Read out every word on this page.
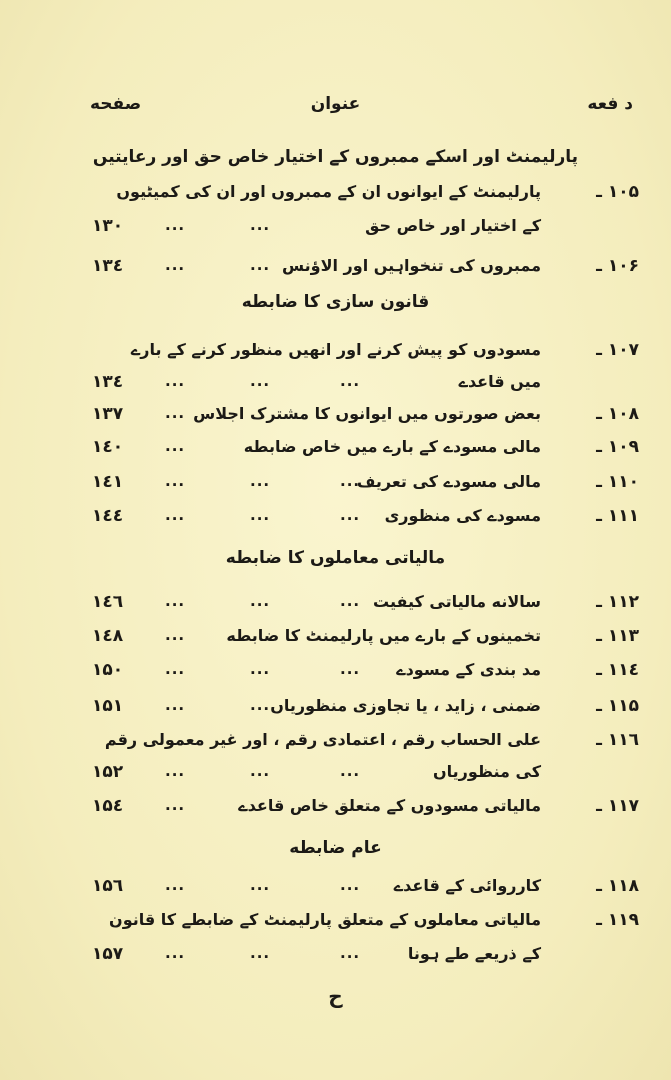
د فعه
عنوان
صفحه
پارلیمنٹ اور اسکے ممبروں کے اختیار خاص حق اور رعایتیں
۱۰۵ ـ
پارلیمنٹ کے ایوانوں ان کے ممبروں اور ان کی کمیٹیوں
کے اختیار اور خاص حق
...
...
۱۳۰
۱۰۶ ـ
ممبروں کی تنخواہیں اور الاؤنس
...
...
۱۳٤
قانون سازی کا ضابطه
۱۰۷ ـ
مسودوں کو پیش کرنے اور انهیں منظور کرنے کے بارے
میں قاعدے
...
...
...
۱۳٤
۱۰۸ ـ
بعض صورتوں میں ایوانوں کا مشترک اجلاس
...
۱۳۷
۱۰۹ ـ
مالی مسودے کے بارے میں خاص ضابطه
...
۱٤۰
۱۱۰ ـ
مالی مسودے کی تعریف
...
...
...
۱٤۱
۱۱۱ ـ
مسودے کی منظوری
...
...
...
۱٤٤
مالیاتی معاملوں کا ضابطه
۱۱۲ ـ
سالانه مالیاتی کیفیت
...
...
...
۱٤٦
۱۱۳ ـ
تخمینوں کے بارے میں پارلیمنٹ کا ضابطه
...
۱٤۸
۱۱٤ ـ
مد بندی کے مسودے
...
...
...
۱۵۰
۱۱۵ ـ
ضمنی ، زاید ، یا تجاوزی منظوریاں
...
...
۱۵۱
۱۱٦ ـ
علی الحساب رقم ، اعتمادی رقم ، اور غیر معمولی رقم
کی منظوریاں
...
...
...
۱۵۲
۱۱۷ ـ
مالیاتی مسودوں کے متعلق خاص قاعدے
...
۱۵٤
عام ضابطه
۱۱۸ ـ
کارروائی کے قاعدے
...
...
...
۱۵٦
۱۱۹ ـ
مالیاتی معاملوں کے متعلق پارلیمنٹ کے ضابطے کا قانون
کے ذریعے طے ہونا
...
...
...
۱۵۷
ح
